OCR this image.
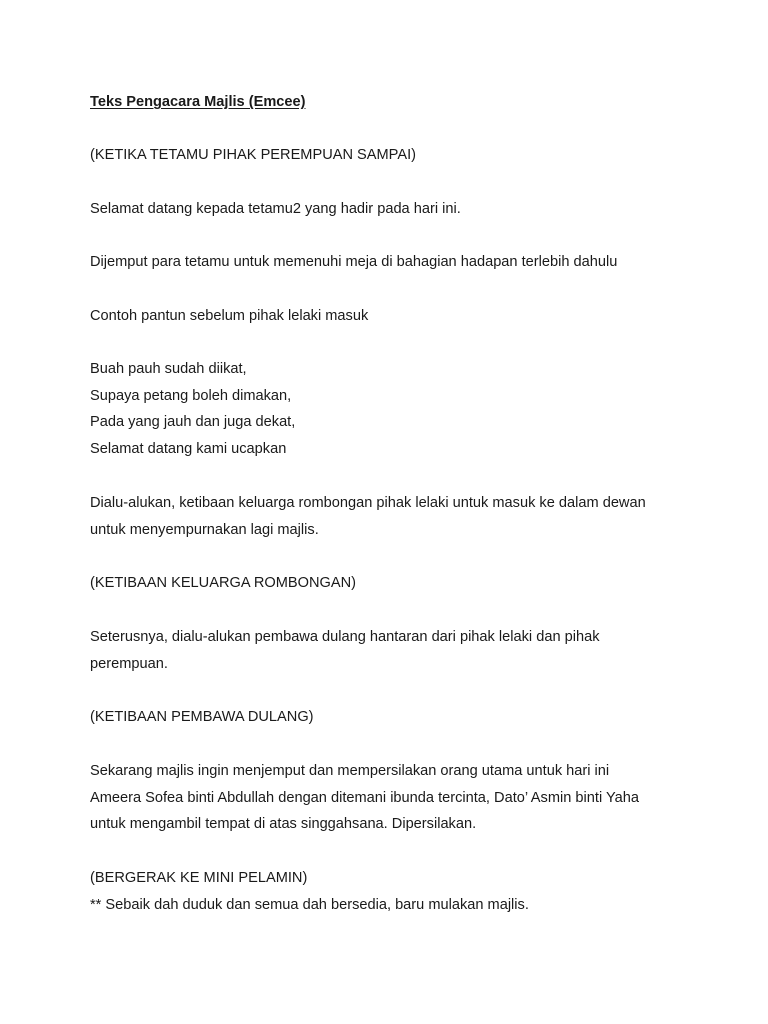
Teks Pengacara Majlis (Emcee)
(KETIKA TETAMU PIHAK PEREMPUAN SAMPAI)
Selamat datang kepada tetamu2 yang hadir pada hari ini.
Dijemput para tetamu untuk memenuhi meja di bahagian hadapan terlebih dahulu
Contoh pantun sebelum pihak lelaki masuk
Buah pauh sudah diikat,
Supaya petang boleh dimakan,
Pada yang jauh dan juga dekat,
Selamat datang kami ucapkan
Dialu-alukan, ketibaan keluarga rombongan pihak lelaki untuk masuk ke dalam dewan
untuk menyempurnakan lagi majlis.
(KETIBAAN KELUARGA ROMBONGAN)
Seterusnya, dialu-alukan pembawa dulang hantaran dari pihak lelaki dan pihak
perempuan.
(KETIBAAN PEMBAWA DULANG)
Sekarang majlis ingin menjemput dan mempersilakan orang utama untuk hari ini
Ameera Sofea binti Abdullah dengan ditemani ibunda tercinta, Dato’ Asmin binti Yaha
untuk mengambil tempat di atas singgahsana. Dipersilakan.
(BERGERAK KE MINI PELAMIN)
** Sebaik dah duduk dan semua dah bersedia, baru mulakan majlis.
